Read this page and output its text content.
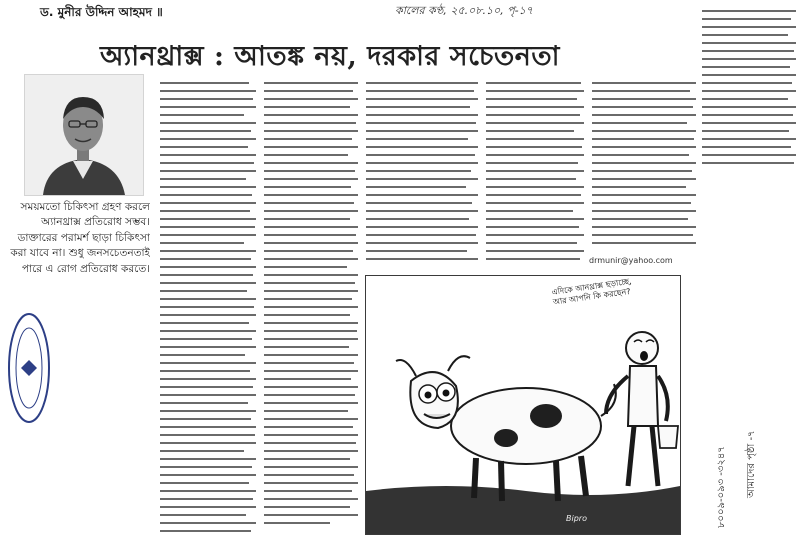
ড. মুনীর উদ্দিন আহমদ ॥	কালের কণ্ঠ, ২৫.০৮.১০, পৃ-১৭
অ্যানথ্রাক্স : আতঙ্ক নয়, দরকার সচেতনতা
সময়মতো চিকিৎসা গ্রহণ করলে অ্যানথ্রাক্স প্রতিরোধ সম্ভব। ডাক্তারের পরামর্শ ছাড়া চিকিৎসা করা যাবে না। শুধু জনসচেতনতাই পারে এ রোগ প্রতিরোধ করতে।
drmunir@yahoo.com
এদিকে আনথ্রাক্স ছড়াচ্ছে, আর আপনি কি করছেন?
Bipro	৮০০৯-০৯৩ -৩২৪৭	আমাদের পৃষ্ঠা -৭
